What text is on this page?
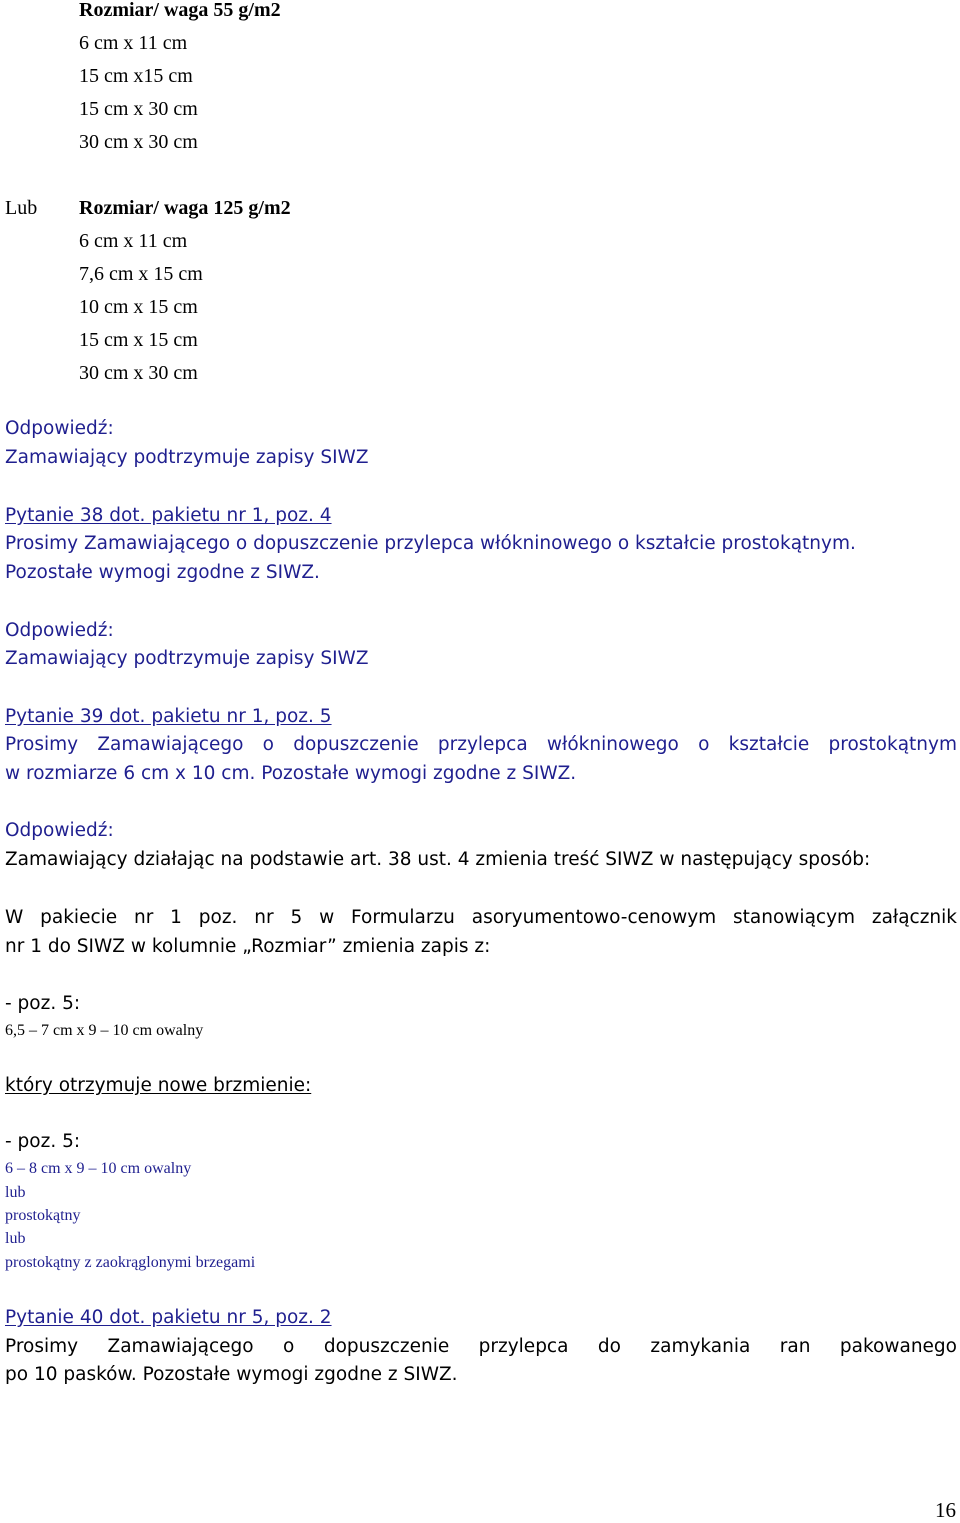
Rozmiar/ waga 55 g/m2
6 cm x 11 cm
15 cm x15 cm
15 cm x 30 cm
30 cm x 30 cm
Lub Rozmiar/ waga 125 g/m2
6 cm x 11 cm
7,6 cm x 15 cm
10 cm x 15 cm
15 cm x 15 cm
30 cm x 30 cm
Odpowiedź:
Zamawiający podtrzymuje zapisy SIWZ
Pytanie 38 dot. pakietu nr 1, poz. 4
Prosimy Zamawiającego o dopuszczenie przylepca włókninowego o kształcie prostokątnym.
Pozostałe wymogi zgodne z SIWZ.
Odpowiedź:
Zamawiający podtrzymuje zapisy SIWZ
Pytanie 39 dot. pakietu nr 1, poz. 5
Prosimy Zamawiającego o dopuszczenie przylepca włókninowego o kształcie prostokątnym
w rozmiarze 6 cm x 10 cm. Pozostałe wymogi zgodne z SIWZ.
Odpowiedź:
Zamawiający działając na podstawie art. 38 ust. 4 zmienia treść SIWZ w następujący sposób:
W pakiecie nr 1 poz. nr 5 w Formularzu asoryumentowo-cenowym stanowiącym załącznik
nr 1 do SIWZ w kolumnie „Rozmiar” zmienia zapis z:
- poz. 5:
6,5 – 7 cm x 9 – 10 cm owalny
który otrzymuje nowe brzmienie:
- poz. 5:
6 – 8 cm x 9 – 10 cm owalny
lub
prostokątny
lub
prostokątny z zaokrąglonymi brzegami
Pytanie 40 dot. pakietu nr 5, poz. 2
Prosimy Zamawiającego o dopuszczenie przylepca do zamykania ran pakowanego
po 10 pasków. Pozostałe wymogi zgodne z SIWZ.
16
